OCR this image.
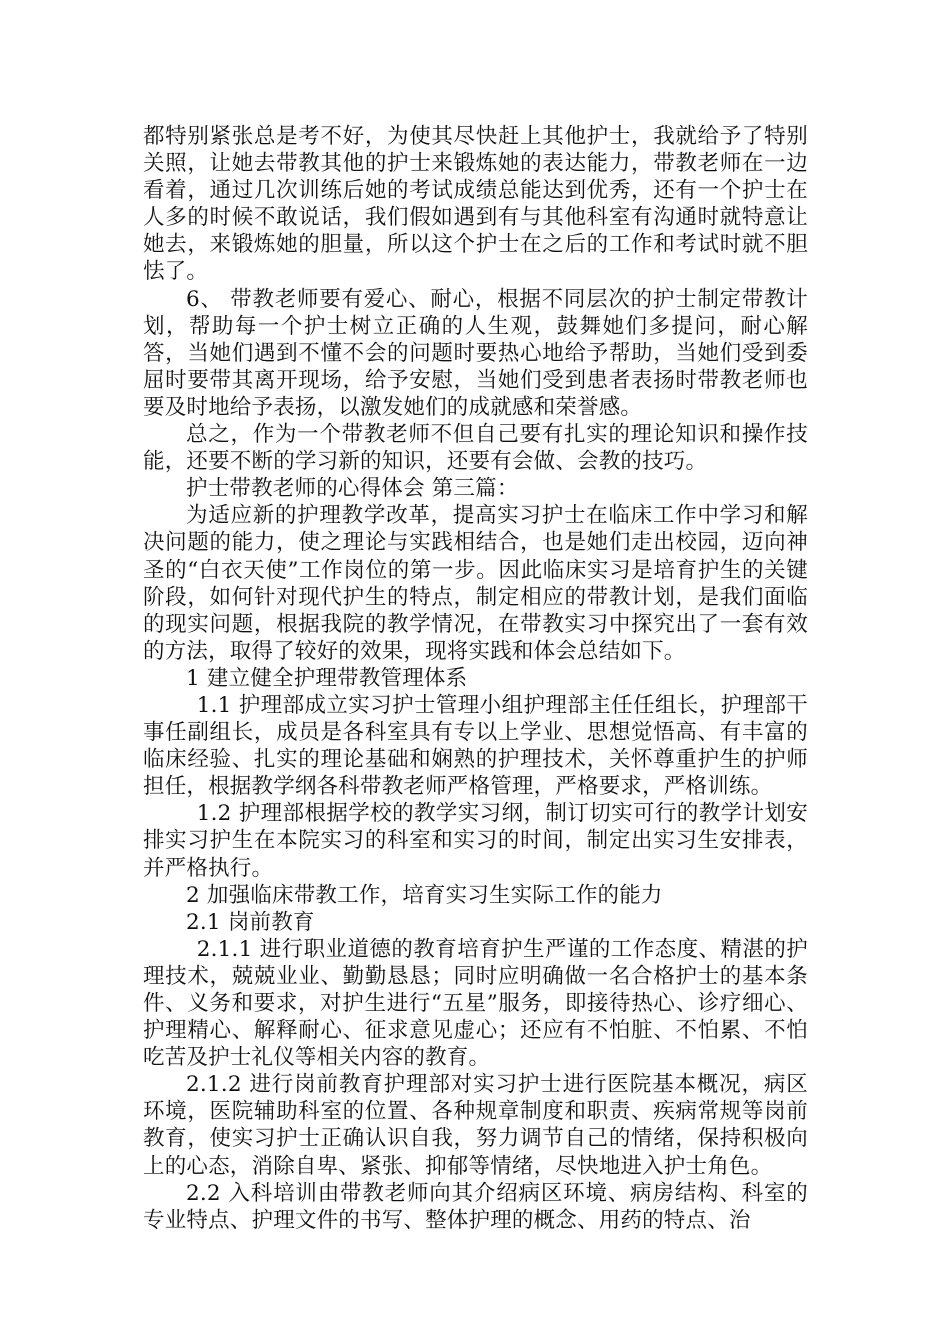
都特别紧张总是考不好，为使其尽快赶上其他护士，我就给予了特别关照，让她去带教其他的护士来锻炼她的表达能力，带教老师在一边看着，通过几次训练后她的考试成绩总能达到优秀，还有一个护士在人多的时候不敢说话，我们假如遇到有与其他科室有沟通时就特意让她去，来锻炼她的胆量，所以这个护士在之后的工作和考试时就不胆怯了。

6、 带教老师要有爱心、耐心，根据不同层次的护士制定带教计划，帮助每一个护士树立正确的人生观，鼓舞她们多提问，耐心解答，当她们遇到不懂不会的问题时要热心地给予帮助，当她们受到委屈时要带其离开现场，给予安慰，当她们受到患者表扬时带教老师也要及时地给予表扬，以激发她们的成就感和荣誉感。

总之，作为一个带教老师不但自己要有扎实的理论知识和操作技能，还要不断的学习新的知识，还要有会做、会教的技巧。

护士带教老师的心得体会 第三篇：

为适应新的护理教学改革，提高实习护士在临床工作中学习和解决问题的能力，使之理论与实践相结合，也是她们走出校园，迈向神圣的“白衣天使”工作岗位的第一步。因此临床实习是培育护生的关键阶段，如何针对现代护生的特点，制定相应的带教计划，是我们面临的现实问题，根据我院的教学情况，在带教实习中探究出了一套有效的方法，取得了较好的效果，现将实践和体会总结如下。

1 建立健全护理带教管理体系

1.1 护理部成立实习护士管理小组护理部主任任组长，护理部干事任副组长，成员是各科室具有专以上学业、思想觉悟高、有丰富的临床经验、扎实的理论基础和娴熟的护理技术，关怀尊重护生的护师担任，根据教学纲各科带教老师严格管理，严格要求，严格训练。

1.2 护理部根据学校的教学实习纲，制订切实可行的教学计划安排实习护生在本院实习的科室和实习的时间，制定出实习生安排表，并严格执行。

2 加强临床带教工作，培育实习生实际工作的能力

2.1 岗前教育

2.1.1 进行职业道德的教育培育护生严谨的工作态度、精湛的护理技术，兢兢业业、勤勤恳恳；同时应明确做一名合格护士的基本条件、义务和要求，对护生进行“五星”服务，即接待热心、诊疗细心、护理精心、解释耐心、征求意见虚心；还应有不怕脏、不怕累、不怕吃苦及护士礼仪等相关内容的教育。

2.1.2 进行岗前教育护理部对实习护士进行医院基本概况，病区环境，医院辅助科室的位置、各种规章制度和职责、疾病常规等岗前教育，使实习护士正确认识自我，努力调节自己的情绪，保持积极向上的心态，消除自卑、紧张、抑郁等情绪，尽快地进入护士角色。

2.2 入科培训由带教老师向其介绍病区环境、病房结构、科室的专业特点、护理文件的书写、整体护理的概念、用药的特点、治
